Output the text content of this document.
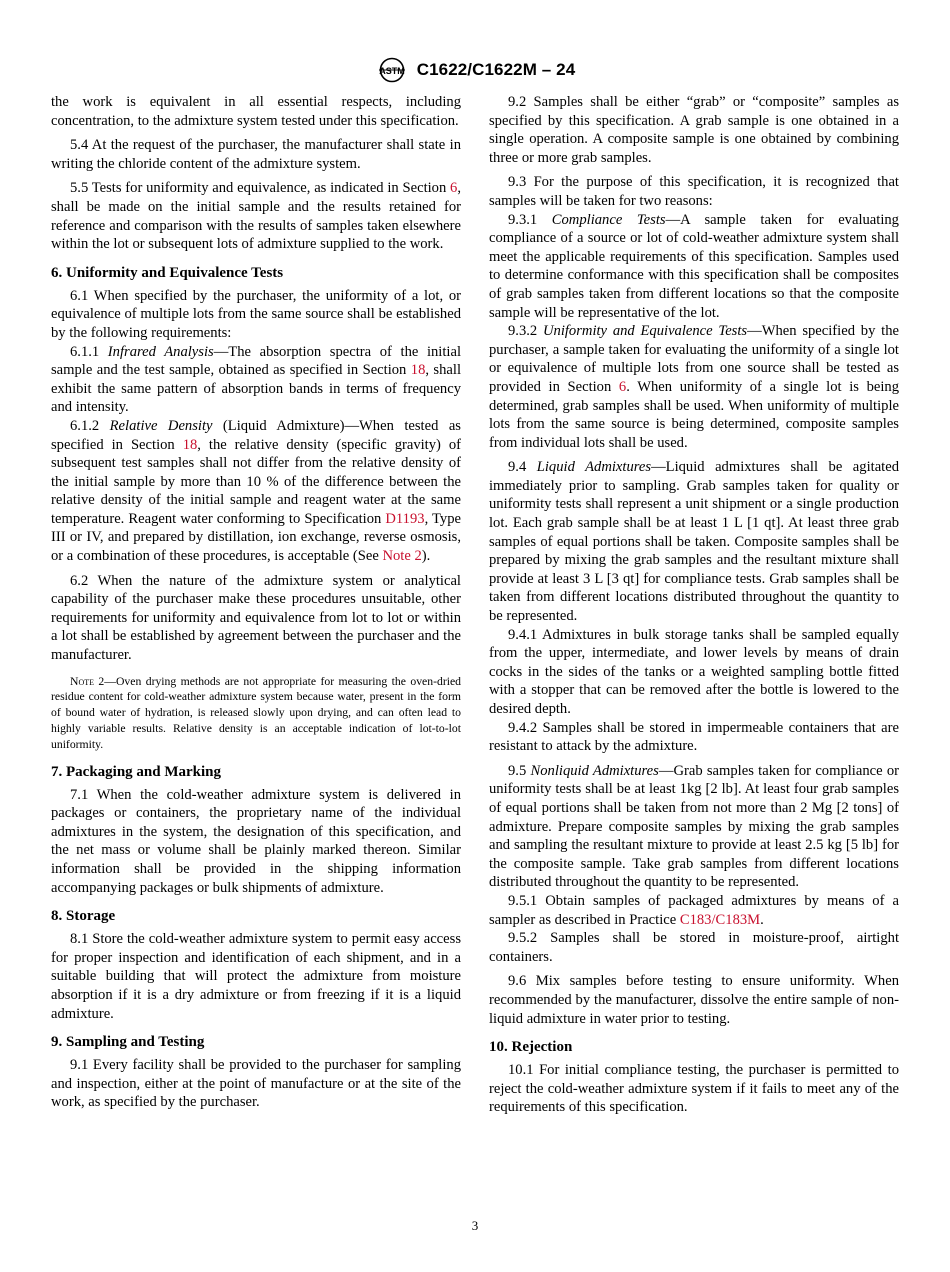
ASTM C1622/C1622M – 24

the work is equivalent in all essential respects, including concentration, to the admixture system tested under this specification.

5.4 At the request of the purchaser, the manufacturer shall state in writing the chloride content of the admixture system.

5.5 Tests for uniformity and equivalence, as indicated in Section 6, shall be made on the initial sample and the results retained for reference and comparison with the results of samples taken elsewhere within the lot or subsequent lots of admixture supplied to the work.

6. Uniformity and Equivalence Tests

6.1 When specified by the purchaser, the uniformity of a lot, or equivalence of multiple lots from the same source shall be established by the following requirements:

6.1.1 Infrared Analysis—The absorption spectra of the initial sample and the test sample, obtained as specified in Section 18, shall exhibit the same pattern of absorption bands in terms of frequency and intensity.

6.1.2 Relative Density (Liquid Admixture)—When tested as specified in Section 18, the relative density (specific gravity) of subsequent test samples shall not differ from the relative density of the initial sample by more than 10 % of the difference between the relative density of the initial sample and reagent water at the same temperature. Reagent water conforming to Specification D1193, Type III or IV, and prepared by distillation, ion exchange, reverse osmosis, or a combination of these procedures, is acceptable (See Note 2).

6.2 When the nature of the admixture system or analytical capability of the purchaser make these procedures unsuitable, other requirements for uniformity and equivalence from lot to lot or within a lot shall be established by agreement between the purchaser and the manufacturer.

Note 2—Oven drying methods are not appropriate for measuring the oven-dried residue content for cold-weather admixture system because water, present in the form of bound water of hydration, is released slowly upon drying, and can often lead to highly variable results. Relative density is an acceptable indication of lot-to-lot uniformity.

7. Packaging and Marking

7.1 When the cold-weather admixture system is delivered in packages or containers, the proprietary name of the individual admixtures in the system, the designation of this specification, and the net mass or volume shall be plainly marked thereon. Similar information shall be provided in the shipping information accompanying packages or bulk shipments of admixture.

8. Storage

8.1 Store the cold-weather admixture system to permit easy access for proper inspection and identification of each shipment, and in a suitable building that will protect the admixture from moisture absorption if it is a dry admixture or from freezing if it is a liquid admixture.

9. Sampling and Testing

9.1 Every facility shall be provided to the purchaser for sampling and inspection, either at the point of manufacture or at the site of the work, as specified by the purchaser.

9.2 Samples shall be either “grab” or “composite” samples as specified by this specification. A grab sample is one obtained in a single operation. A composite sample is one obtained by combining three or more grab samples.

9.3 For the purpose of this specification, it is recognized that samples will be taken for two reasons:

9.3.1 Compliance Tests—A sample taken for evaluating compliance of a source or lot of cold-weather admixture system shall meet the applicable requirements of this specification. Samples used to determine conformance with this specification shall be composites of grab samples taken from different locations so that the composite sample will be representative of the lot.

9.3.2 Uniformity and Equivalence Tests—When specified by the purchaser, a sample taken for evaluating the uniformity of a single lot or equivalence of multiple lots from one source shall be tested as provided in Section 6. When uniformity of a single lot is being determined, grab samples shall be used. When uniformity of multiple lots from the same source is being determined, composite samples from individual lots shall be used.

9.4 Liquid Admixtures—Liquid admixtures shall be agitated immediately prior to sampling. Grab samples taken for quality or uniformity tests shall represent a unit shipment or a single production lot. Each grab sample shall be at least 1 L [1 qt]. At least three grab samples of equal portions shall be taken. Composite samples shall be prepared by mixing the grab samples and the resultant mixture shall provide at least 3 L [3 qt] for compliance tests. Grab samples shall be taken from different locations distributed throughout the quantity to be represented.

9.4.1 Admixtures in bulk storage tanks shall be sampled equally from the upper, intermediate, and lower levels by means of drain cocks in the sides of the tanks or a weighted sampling bottle fitted with a stopper that can be removed after the bottle is lowered to the desired depth.

9.4.2 Samples shall be stored in impermeable containers that are resistant to attack by the admixture.

9.5 Nonliquid Admixtures—Grab samples taken for compliance or uniformity tests shall be at least 1kg [2 lb]. At least four grab samples of equal portions shall be taken from not more than 2 Mg [2 tons] of admixture. Prepare composite samples by mixing the grab samples and sampling the resultant mixture to provide at least 2.5 kg [5 lb] for the composite sample. Take grab samples from different locations distributed throughout the quantity to be represented.

9.5.1 Obtain samples of packaged admixtures by means of a sampler as described in Practice C183/C183M.

9.5.2 Samples shall be stored in moisture-proof, airtight containers.

9.6 Mix samples before testing to ensure uniformity. When recommended by the manufacturer, dissolve the entire sample of non-liquid admixture in water prior to testing.

10. Rejection

10.1 For initial compliance testing, the purchaser is permitted to reject the cold-weather admixture system if it fails to meet any of the requirements of this specification.

3
